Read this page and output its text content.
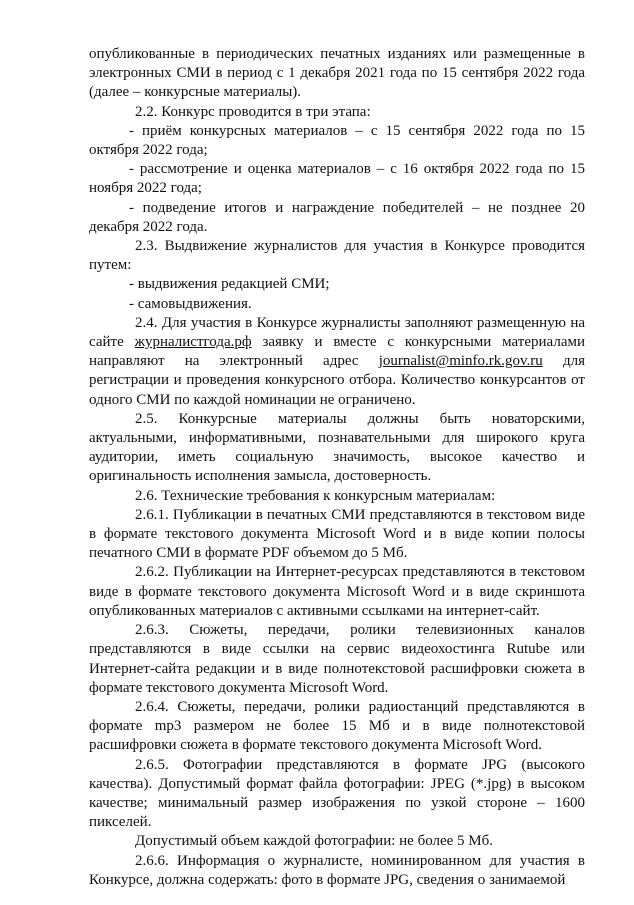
опубликованные в периодических печатных изданиях или размещенные в электронных СМИ в период с 1 декабря 2021 года по 15 сентября 2022 года (далее – конкурсные материалы).

2.2. Конкурс проводится в три этапа:

- приём конкурсных материалов – с 15 сентября 2022 года по 15 октября 2022 года;

- рассмотрение и оценка материалов – с 16 октября 2022 года по 15 ноября 2022 года;

- подведение итогов и награждение победителей – не позднее 20 декабря 2022 года.

2.3. Выдвижение журналистов для участия в Конкурсе проводится путем:

- выдвижения редакцией СМИ;

- самовыдвижения.

2.4. Для участия в Конкурсе журналисты заполняют размещенную на сайте журналистгода.рф заявку и вместе с конкурсными материалами направляют на электронный адрес journalist@minfo.rk.gov.ru для регистрации и проведения конкурсного отбора. Количество конкурсантов от одного СМИ по каждой номинации не ограничено.

2.5. Конкурсные материалы должны быть новаторскими, актуальными, информативными, познавательными для широкого круга аудитории, иметь социальную значимость, высокое качество и оригинальность исполнения замысла, достоверность.

2.6. Технические требования к конкурсным материалам:

2.6.1. Публикации в печатных СМИ представляются в текстовом виде в формате текстового документа Microsoft Word и в виде копии полосы печатного СМИ в формате PDF объемом до 5 Мб.

2.6.2. Публикации на Интернет-ресурсах представляются в текстовом виде в формате текстового документа Microsoft Word и в виде скриншота опубликованных материалов с активными ссылками на интернет-сайт.

2.6.3. Сюжеты, передачи, ролики телевизионных каналов представляются в виде ссылки на сервис видеохостинга Rutube или Интернет-сайта редакции и в виде полнотекстовой расшифровки сюжета в формате текстового документа Microsoft Word.

2.6.4. Сюжеты, передачи, ролики радиостанций представляются в формате mp3 размером не более 15 Мб и в виде полнотекстовой расшифровки сюжета в формате текстового документа Microsoft Word.

2.6.5. Фотографии представляются в формате JPG (высокого качества). Допустимый формат файла фотографии: JPEG (*.jpg) в высоком качестве; минимальный размер изображения по узкой стороне – 1600 пикселей.

Допустимый объем каждой фотографии: не более 5 Мб.

2.6.6. Информация о журналисте, номинированном для участия в Конкурсе, должна содержать: фото в формате JPG, сведения о занимаемой
